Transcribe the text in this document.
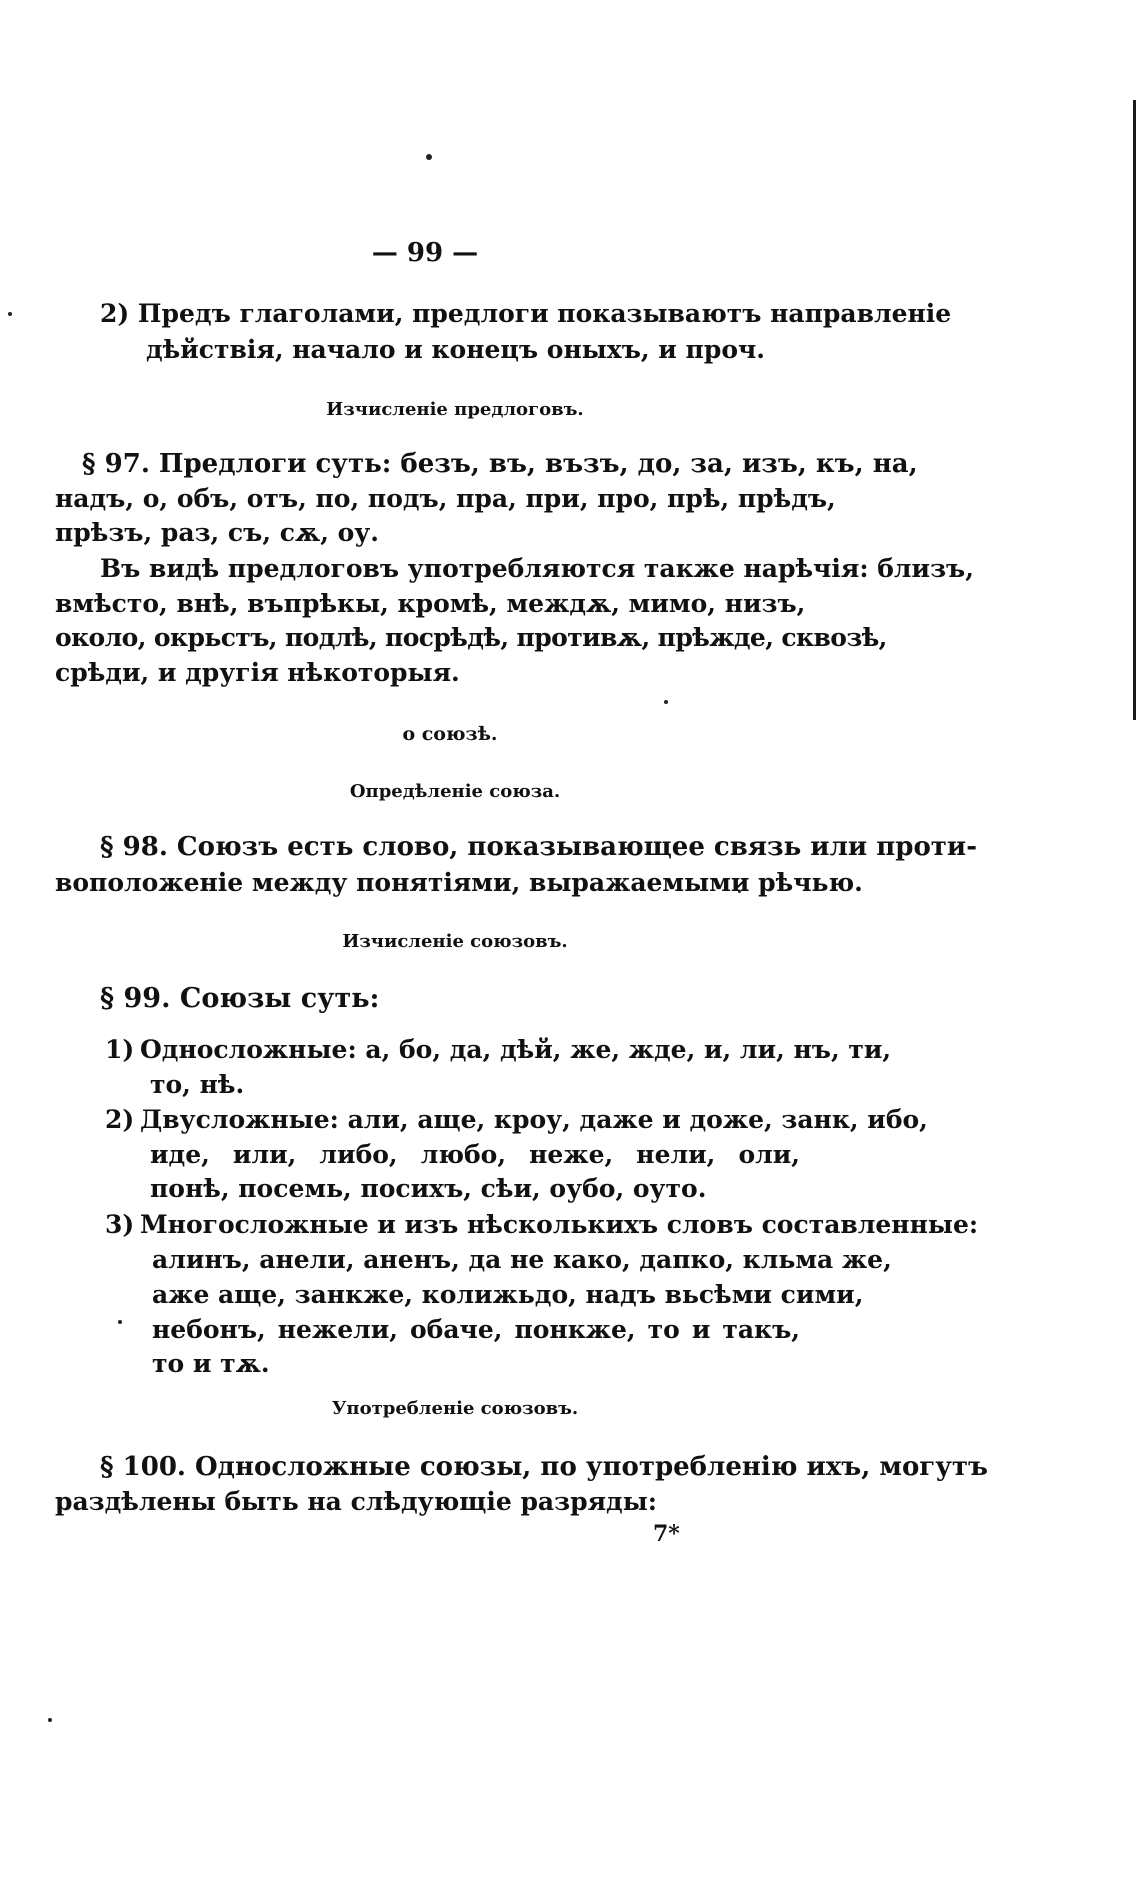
— 99 —

2) Предъ глаголами, предлоги показываютъ направленіе

дѣйствія, начало и конецъ оныхъ, и проч.

Изчисленіе предлоговъ.

§ 97. Предлоги суть: безъ, въ, възъ, до, за, изъ, къ, на,

надъ, о, объ, отъ, по, подъ, пра, при, про, прѣ, прѣдъ,

прѣзъ, раз, съ, сѫ, оу.

Въ видѣ предлоговъ употребляются также нарѣчія: близъ,

вмѣсто, внѣ, въпрѣкы, кромѣ, междѫ, мимо, низъ,

около, окрьстъ, подлѣ, посрѣдѣ, противѫ, прѣжде, сквозѣ,

срѣди, и другія нѣкоторыя.

о союзѣ.

Опредѣленіе союза.

§ 98. Союзъ есть слово, показывающее связь или проти-

воположеніе между понятіями, выражаемыми рѣчью.

Изчисленіе союзовъ.

§ 99. Союзы суть:

1) Односложные: а, бо, да, дѣй, же, жде, и, ли, нъ, ти,

то, нѣ.

2) Двусложные: али, аще, кроу, даже и доже, занк, ибо,

иде, или, либо, любо, неже, нели, оли, понѣ, посемь, посихъ, сѣи, оубо, оуто.

3) Многосложные и изъ нѣсколькихъ словъ составленные:

алинъ, анели, аненъ, да не како, дапко, кльма же,

аже аще, занкже, колижьдо, надъ вьсѣми сими,

небонъ, нежели, обаче, понкже, то и такъ, то и тѫ.

Употребленіе союзовъ.

§ 100. Односложные союзы, по употребленію ихъ, могутъ

раздѣлены быть на слѣдующіе разряды:

7*
